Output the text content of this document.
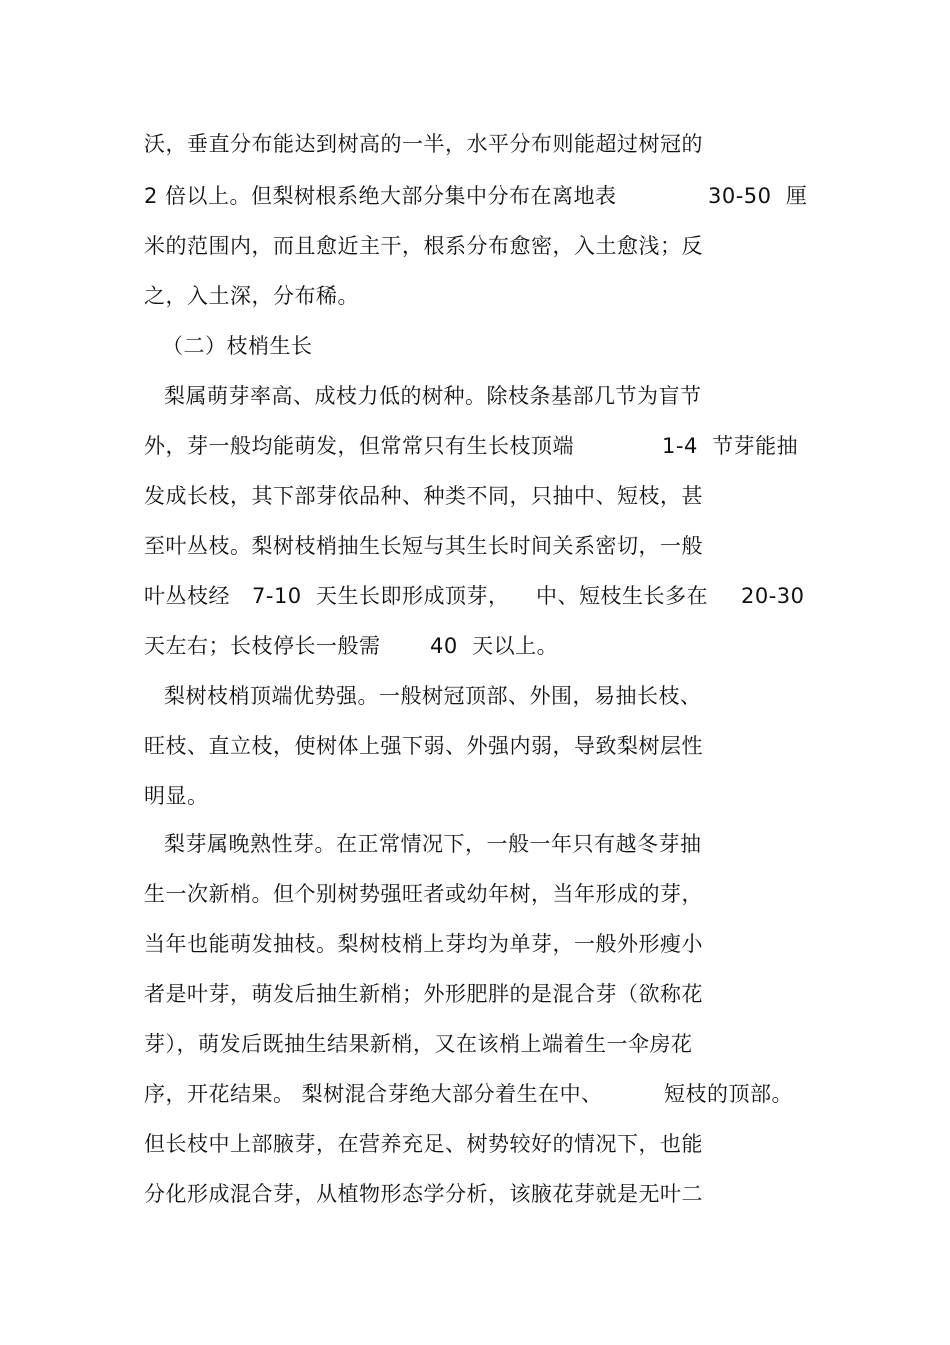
沃，垂直分布能达到树高的一半，水平分布则能超过树冠的

2 倍以上。但梨树根系绝大部分集中分布在离地表

	30-50  厘

米的范围内，而且愈近主干，根系分布愈密，入土愈浅；反

之，入土深，分布稀。

（二）枝梢生长

梨属萌芽率高、成枝力低的树种。除枝条基部几节为盲节

外，芽一般均能萌发，但常常只有生长枝顶端

	1-4  节芽能抽

发成长枝，其下部芽依品种、种类不同，只抽中、短枝，甚

至叶丛枝。梨树枝梢抽生长短与其生长时间关系密切，一般

叶丛枝经

7-10  天生长即形成顶芽，

中、短枝生长多在

20-30

天左右；长枝停长一般需

40  天以上。

梨树枝梢顶端优势强。一般树冠顶部、外围，易抽长枝、

旺枝、直立枝，使树体上强下弱、外强内弱，导致梨树层性

明显。

梨芽属晚熟性芽。在正常情况下，一般一年只有越冬芽抽

生一次新梢。但个别树势强旺者或幼年树，当年形成的芽，

当年也能萌发抽枝。梨树枝梢上芽均为单芽，一般外形瘦小

者是叶芽，萌发后抽生新梢；外形肥胖的是混合芽（欲称花

芽），萌发后既抽生结果新梢，又在该梢上端着生一伞房花

序，开花结果。 梨树混合芽绝大部分着生在中、

	短枝的顶部。

但长枝中上部腋芽，在营养充足、树势较好的情况下，也能

分化形成混合芽，从植物形态学分析，该腋花芽就是无叶二
